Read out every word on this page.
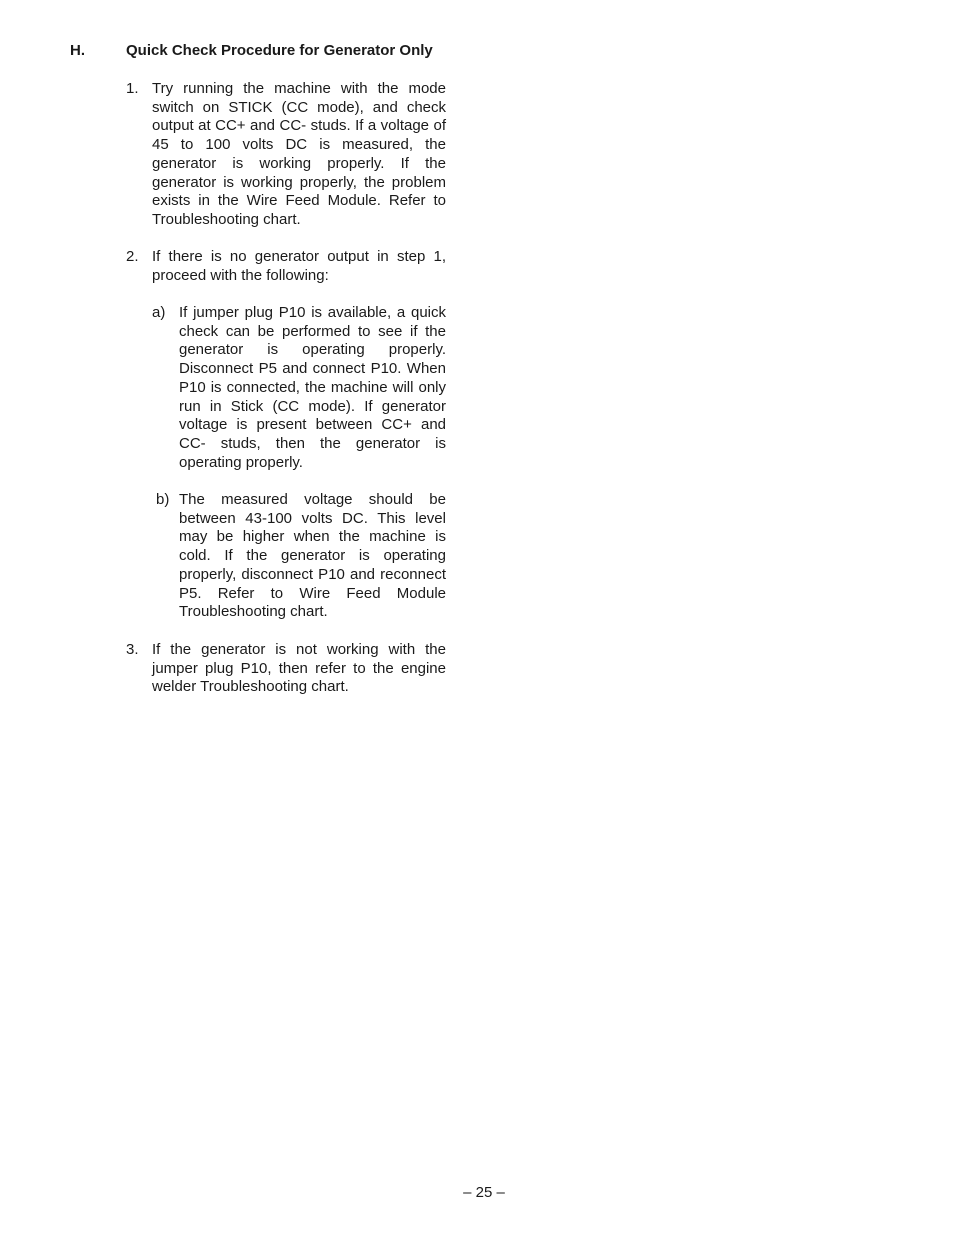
H.	Quick Check Procedure for Generator Only
1. Try running the machine with the mode switch on STICK (CC mode), and check output at CC+ and CC- studs. If a voltage of 45 to 100 volts DC is measured, the generator is working properly. If the generator is working properly, the problem exists in the Wire Feed Module. Refer to Troubleshooting chart.
2. If there is no generator output in step 1, proceed with the following:
a) If jumper plug P10 is available, a quick check can be performed to see if the generator is operating properly. Disconnect P5 and connect P10. When P10 is connected, the machine will only run in Stick (CC mode). If generator voltage is present between CC+ and CC- studs, then the generator is operating properly.
b) The measured voltage should be between 43-100 volts DC. This level may be higher when the machine is cold. If the generator is operating properly, disconnect P10 and reconnect P5. Refer to Wire Feed Module Troubleshooting chart.
3. If the generator is not working with the jumper plug P10, then refer to the engine welder Troubleshooting chart.
– 25 –
